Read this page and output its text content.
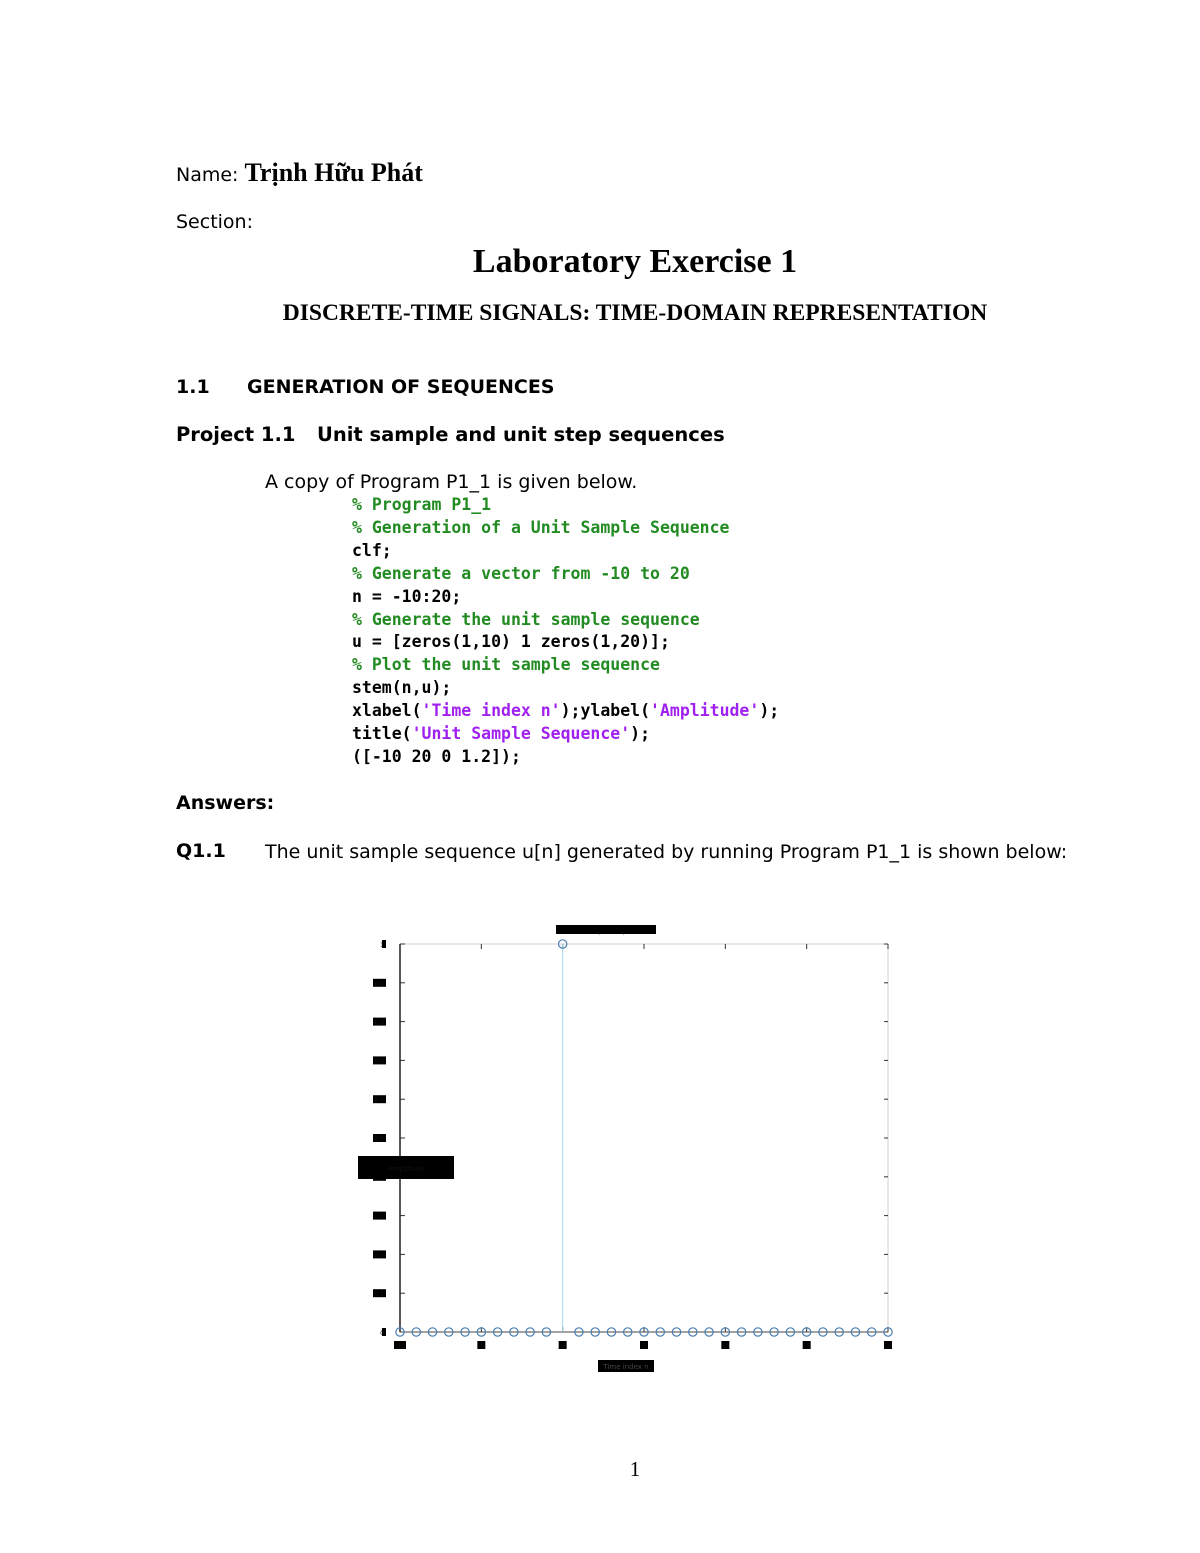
Name: Trịnh Hữu Phát
Section:
Laboratory Exercise 1
DISCRETE-TIME SIGNALS: TIME-DOMAIN REPRESENTATION
1.1 GENERATION OF SEQUENCES
Project 1.1 Unit sample and unit step sequences
A copy of Program P1_1 is given below.
% Program P1_1
% Generation of a Unit Sample Sequence
clf;
% Generate a vector from -10 to 20
n = -10:20;
% Generate the unit sample sequence
u = [zeros(1,10) 1 zeros(1,20)];
% Plot the unit sample sequence
stem(n,u);
xlabel('Time index n');ylabel('Amplitude');
title('Unit Sample Sequence');
([-10 20 0 1.2]);
Answers:
Q1.1 The unit sample sequence u[n] generated by running Program P1_1 is shown below:
0
0.1
0.2
0.3
0.5
0.6
0.7
0.8
0.9
1
-10	-5	0	5	10	15	20
Unit Sample Sequence
Amplitude
Time index n
1
